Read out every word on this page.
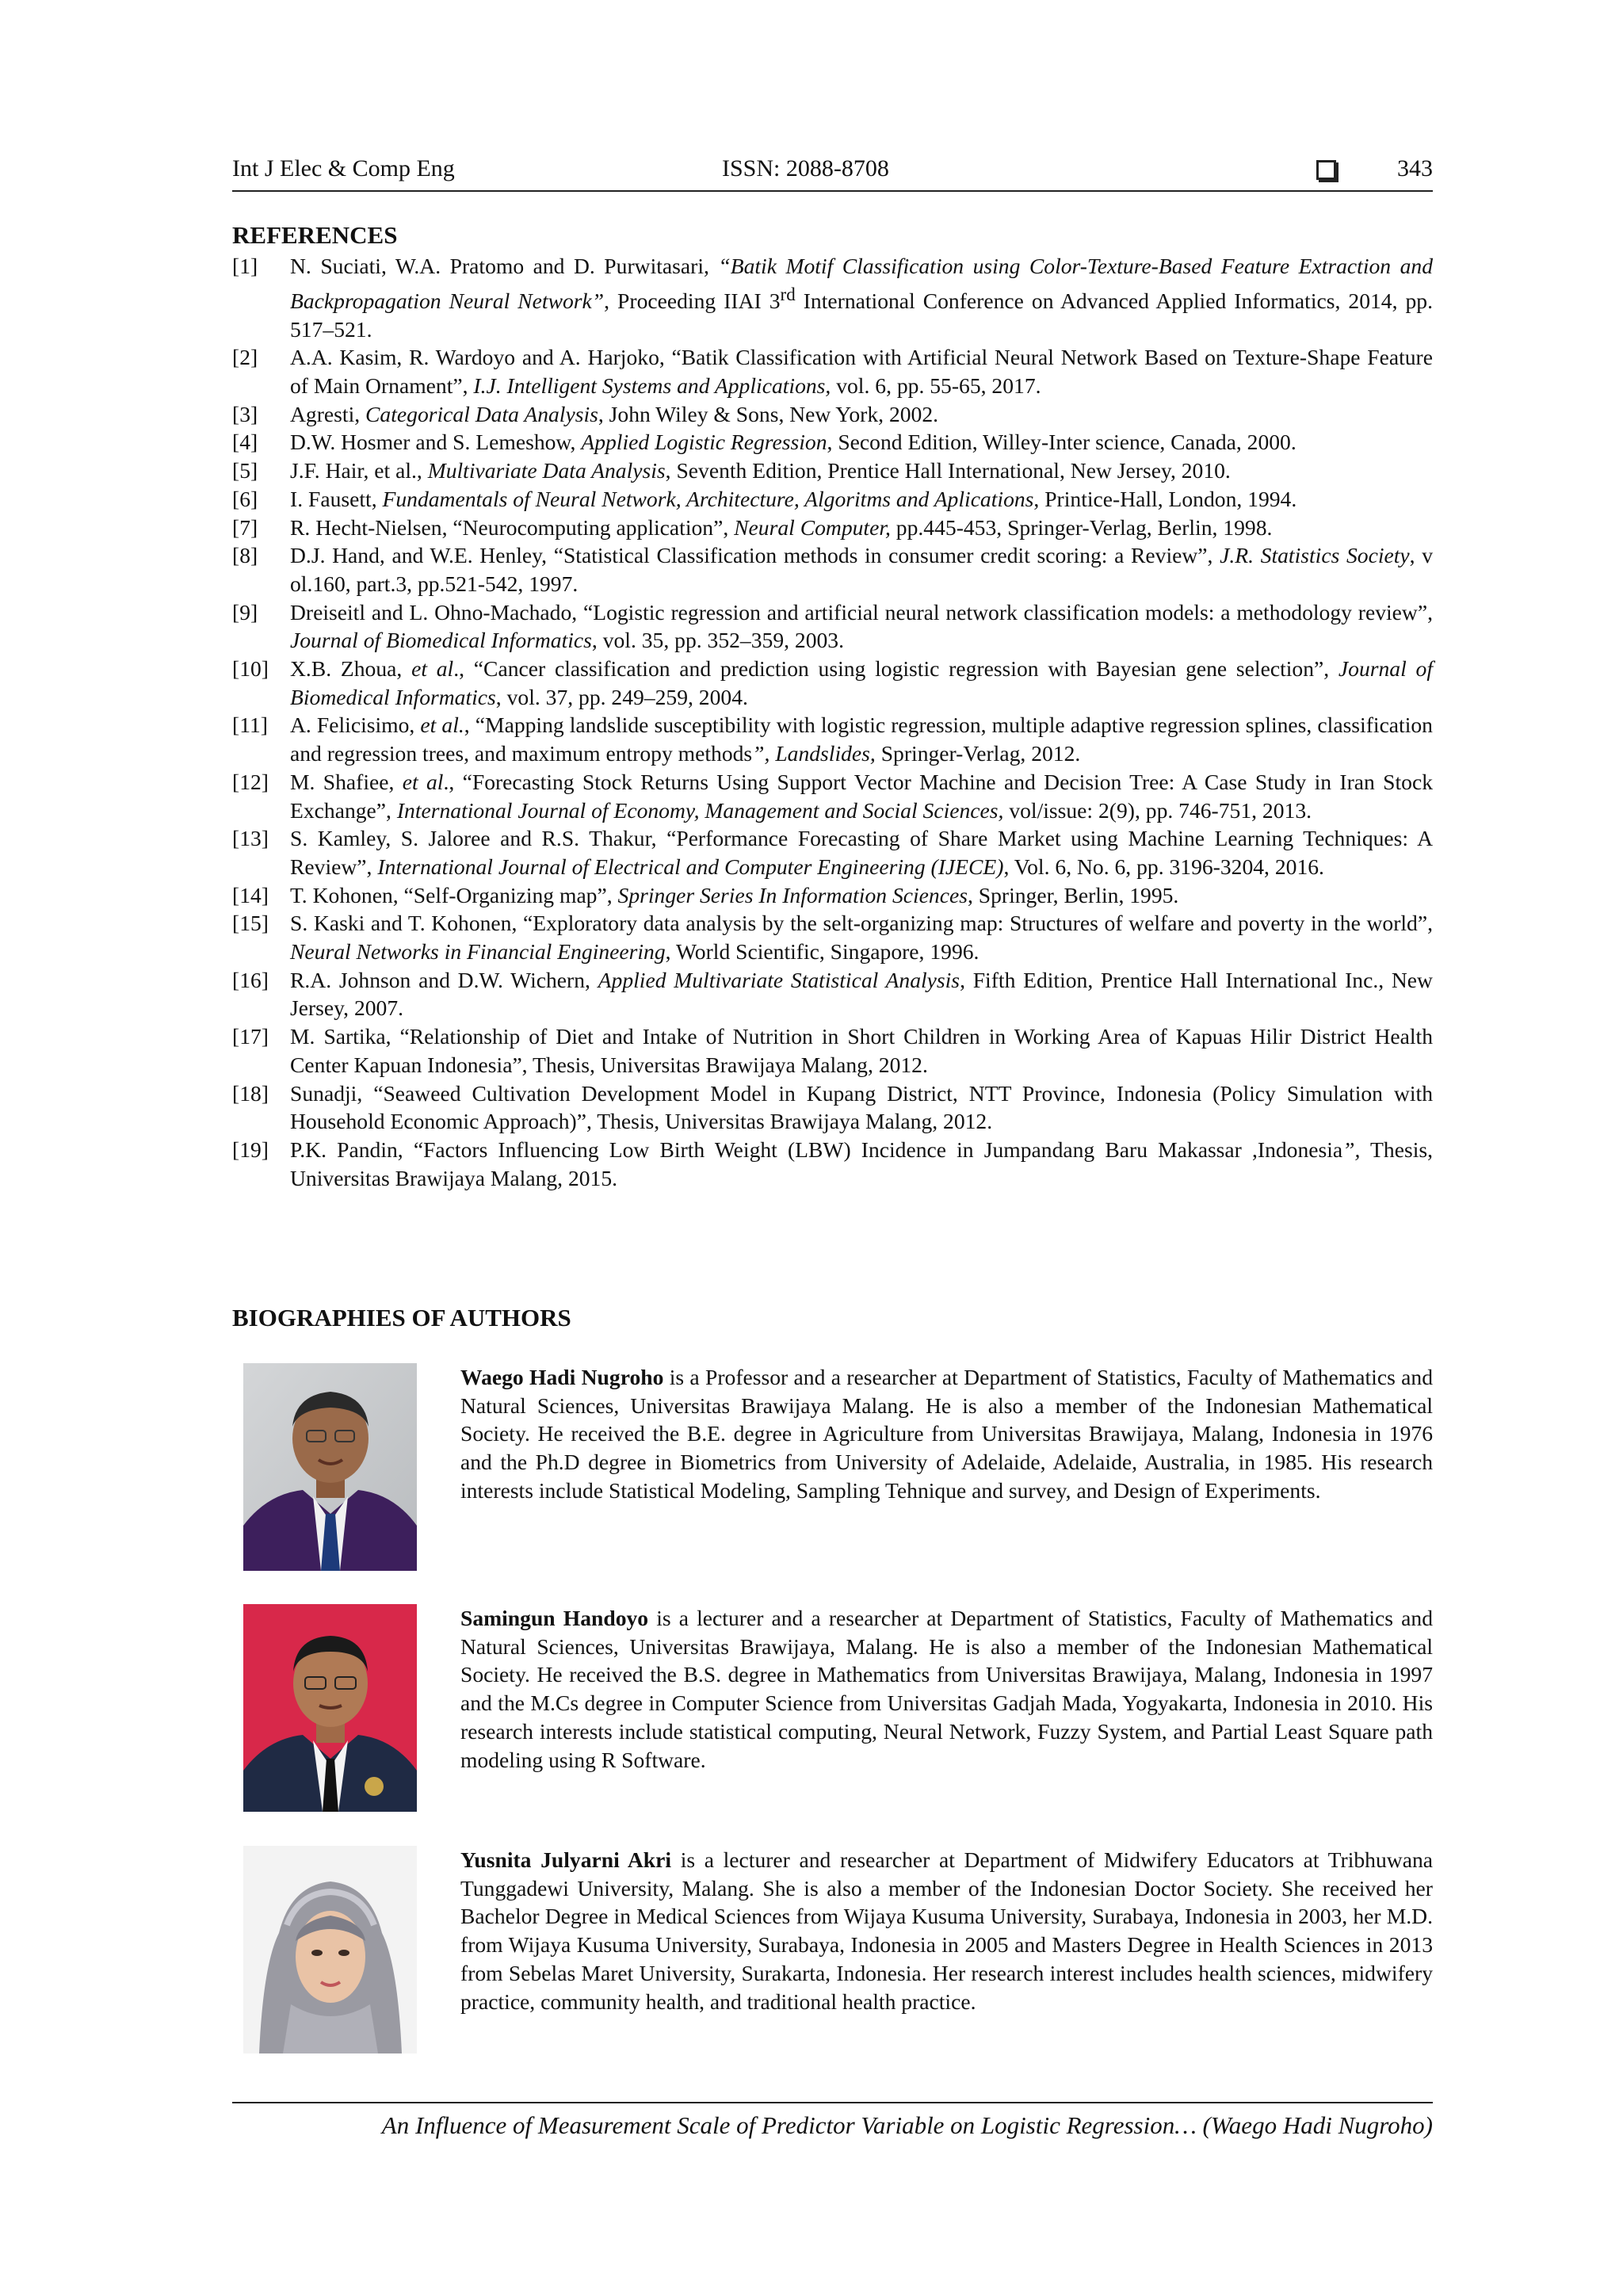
Int J Elec & Comp Eng	ISSN: 2088-8708	343
REFERENCES
[1] N. Suciati, W.A. Pratomo and D. Purwitasari, “Batik Motif Classification using Color-Texture-Based Feature Extraction and Backpropagation Neural Network”, Proceeding IIAI 3rd International Conference on Advanced Applied Informatics, 2014, pp. 517–521.
[2] A.A. Kasim, R. Wardoyo and A. Harjoko, “Batik Classification with Artificial Neural Network Based on Texture-Shape Feature of Main Ornament”, I.J. Intelligent Systems and Applications, vol. 6, pp. 55-65, 2017.
[3] Agresti, Categorical Data Analysis, John Wiley & Sons, New York, 2002.
[4] D.W. Hosmer and S. Lemeshow, Applied Logistic Regression, Second Edition, Willey-Inter science, Canada, 2000.
[5] J.F. Hair, et al., Multivariate Data Analysis, Seventh Edition, Prentice Hall International, New Jersey, 2010.
[6] I. Fausett, Fundamentals of Neural Network, Architecture, Algoritms and Aplications, Printice-Hall, London, 1994.
[7] R. Hecht-Nielsen, “Neurocomputing application”, Neural Computer, pp.445-453, Springer-Verlag, Berlin, 1998.
[8] D.J. Hand, and W.E. Henley, “Statistical Classification methods in consumer credit scoring: a Review”, J.R. Statistics Society, v ol.160, part.3, pp.521-542, 1997.
[9] Dreiseitl and L. Ohno-Machado, “Logistic regression and artificial neural network classification models: a methodology review”, Journal of Biomedical Informatics, vol. 35, pp. 352–359, 2003.
[10] X.B. Zhoua, et al., “Cancer classification and prediction using logistic regression with Bayesian gene selection”, Journal of Biomedical Informatics, vol. 37, pp. 249–259, 2004.
[11] A. Felicisimo, et al., “Mapping landslide susceptibility with logistic regression, multiple adaptive regression splines, classification and regression trees, and maximum entropy methods”, Landslides, Springer-Verlag, 2012.
[12] M. Shafiee, et al., “Forecasting Stock Returns Using Support Vector Machine and Decision Tree: A Case Study in Iran Stock Exchange”, International Journal of Economy, Management and Social Sciences, vol/issue: 2(9), pp. 746-751, 2013.
[13] S. Kamley, S. Jaloree and R.S. Thakur, “Performance Forecasting of Share Market using Machine Learning Techniques: A Review”, International Journal of Electrical and Computer Engineering (IJECE), Vol. 6, No. 6, pp. 3196-3204, 2016.
[14] T. Kohonen, “Self-Organizing map”, Springer Series In Information Sciences, Springer, Berlin, 1995.
[15] S. Kaski and T. Kohonen, “Exploratory data analysis by the selt-organizing map: Structures of welfare and poverty in the world”, Neural Networks in Financial Engineering, World Scientific, Singapore, 1996.
[16] R.A. Johnson and D.W. Wichern, Applied Multivariate Statistical Analysis, Fifth Edition, Prentice Hall International Inc., New Jersey, 2007.
[17] M. Sartika, “Relationship of Diet and Intake of Nutrition in Short Children in Working Area of Kapuas Hilir District Health Center Kapuan Indonesia”, Thesis, Universitas Brawijaya Malang, 2012.
[18] Sunadji, “Seaweed Cultivation Development Model in Kupang District, NTT Province, Indonesia (Policy Simulation with Household Economic Approach)”, Thesis, Universitas Brawijaya Malang, 2012.
[19] P.K. Pandin, “Factors Influencing Low Birth Weight (LBW) Incidence in Jumpandang Baru Makassar ,Indonesia”, Thesis, Universitas Brawijaya Malang, 2015.
BIOGRAPHIES OF AUTHORS
Waego Hadi Nugroho is a Professor and a researcher at Department of Statistics, Faculty of Mathematics and Natural Sciences, Universitas Brawijaya Malang. He is also a member of the Indonesian Mathematical Society. He received the B.E. degree in Agriculture from Universitas Brawijaya, Malang, Indonesia in 1976 and the Ph.D degree in Biometrics from University of Adelaide, Adelaide, Australia, in 1985. His research interests include Statistical Modeling, Sampling Tehnique and survey, and Design of Experiments.
Samingun Handoyo is a lecturer and a researcher at Department of Statistics, Faculty of Mathematics and Natural Sciences, Universitas Brawijaya, Malang. He is also a member of the Indonesian Mathematical Society. He received the B.S. degree in Mathematics from Universitas Brawijaya, Malang, Indonesia in 1997 and the M.Cs degree in Computer Science from Universitas Gadjah Mada, Yogyakarta, Indonesia in 2010. His research interests include statistical computing, Neural Network, Fuzzy System, and Partial Least Square path modeling using R Software.
Yusnita Julyarni Akri is a lecturer and researcher at Department of Midwifery Educators at Tribhuwana Tunggadewi University, Malang. She is also a member of the Indonesian Doctor Society. She received her Bachelor Degree in Medical Sciences from Wijaya Kusuma University, Surabaya, Indonesia in 2003, her M.D. from Wijaya Kusuma University, Surabaya, Indonesia in 2005 and Masters Degree in Health Sciences in 2013 from Sebelas Maret University, Surakarta, Indonesia. Her research interest includes health sciences, midwifery practice, community health, and traditional health practice.
An Influence of Measurement Scale of Predictor Variable on Logistic Regression… (Waego Hadi Nugroho)
